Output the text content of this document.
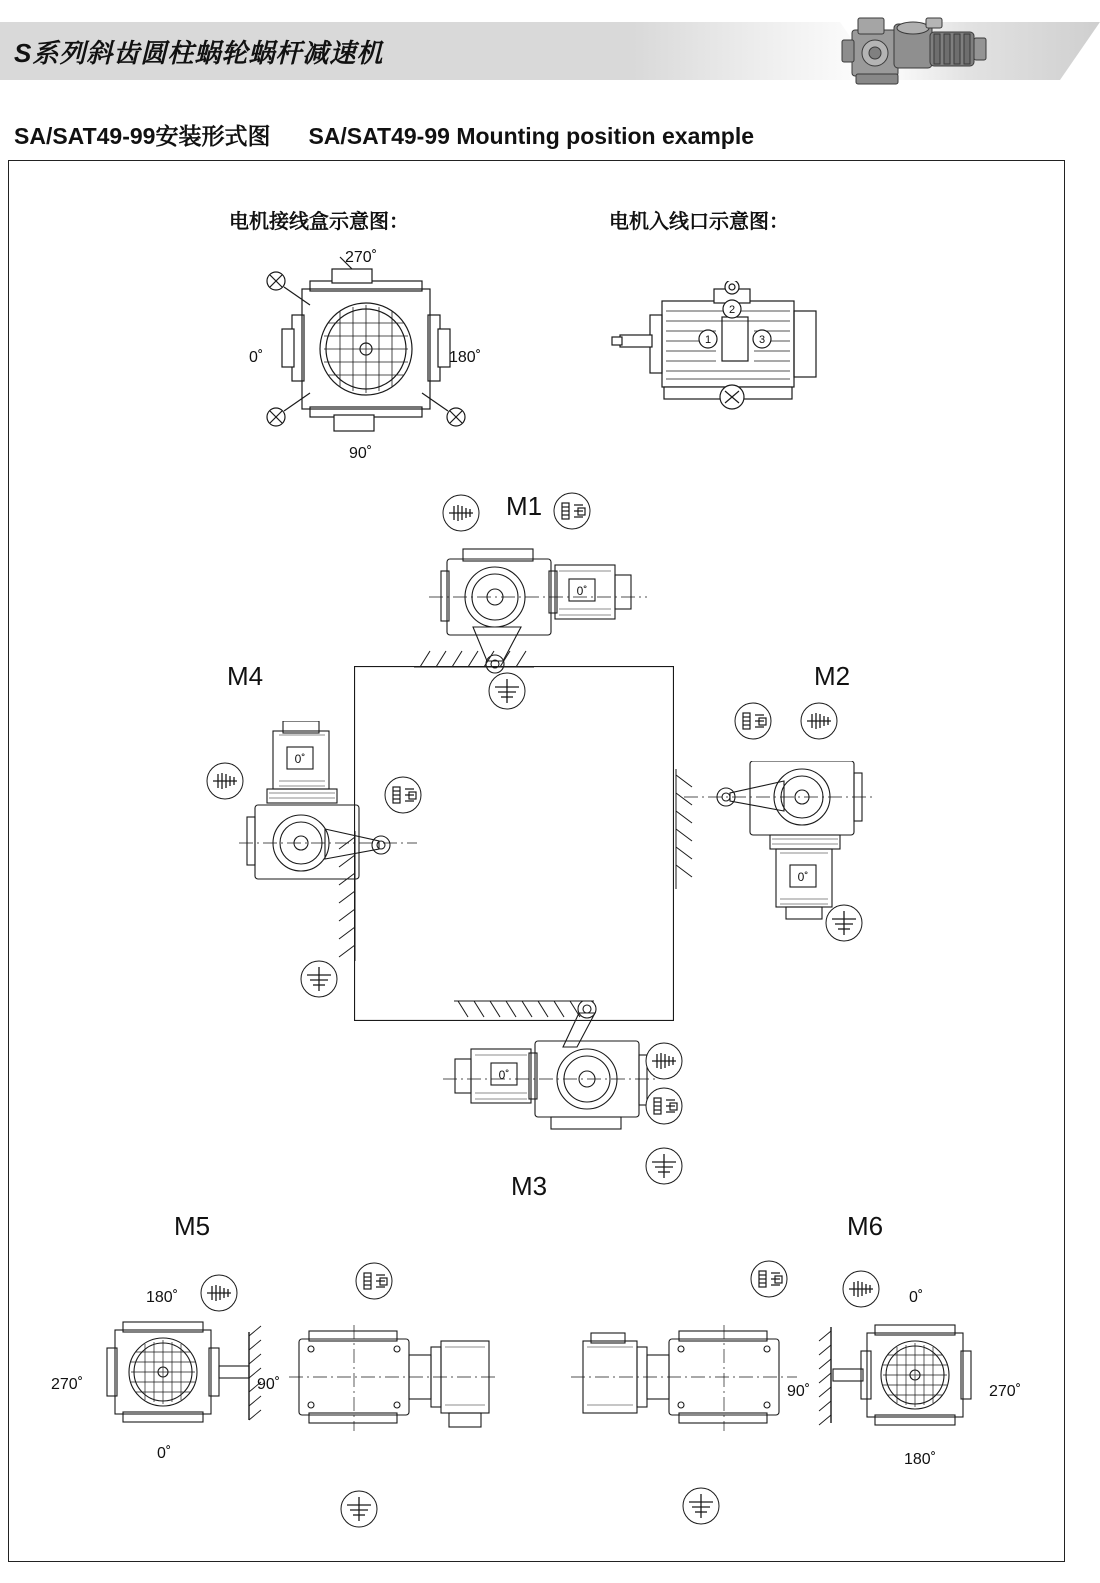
S系列斜齿圆柱蜗轮蜗杆减速机
SA/SAT49-99安装形式图 SA/SAT49-99 Mounting position example
电机接线盒示意图：	电机入线口示意图：
270˚
0˚	180˚
90˚
2
1	3
M1
0˚
M4
0˚
M2
0˚
0˚
M3
M5
180˚
270˚	90˚
0˚
M6
0˚
90˚	270˚
180˚
